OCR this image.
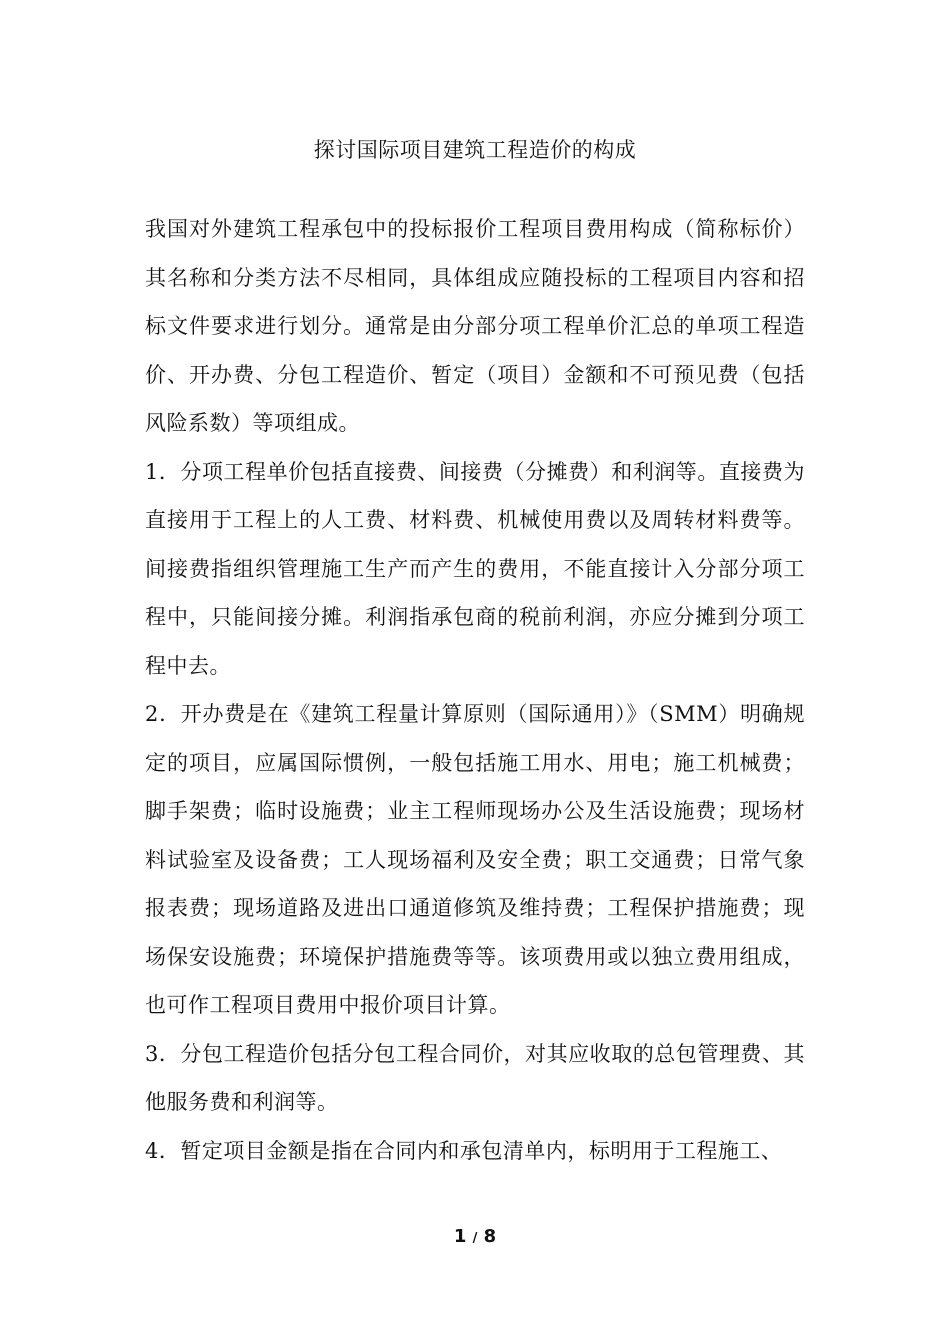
探讨国际项目建筑工程造价的构成

我国对外建筑工程承包中的投标报价工程项目费用构成（简称标价）其名称和分类方法不尽相同，具体组成应随投标的工程项目内容和招标文件要求进行划分。通常是由分部分项工程单价汇总的单项工程造价、开办费、分包工程造价、暂定（项目）金额和不可预见费（包括风险系数）等项组成。

1．分项工程单价包括直接费、间接费（分摊费）和利润等。直接费为直接用于工程上的人工费、材料费、机械使用费以及周转材料费等。间接费指组织管理施工生产而产生的费用，不能直接计入分部分项工程中，只能间接分摊。利润指承包商的税前利润，亦应分摊到分项工程中去。

2．开办费是在《建筑工程量计算原则（国际通用）》（SMM）明确规定的项目，应属国际惯例，一般包括施工用水、用电；施工机械费；脚手架费；临时设施费；业主工程师现场办公及生活设施费；现场材料试验室及设备费；工人现场福利及安全费；职工交通费；日常气象报表费；现场道路及进出口通道修筑及维持费；工程保护措施费；现场保安设施费；环境保护措施费等等。该项费用或以独立费用组成，也可作工程项目费用中报价项目计算。

3．分包工程造价包括分包工程合同价，对其应收取的总包管理费、其他服务费和利润等。

4．暂定项目金额是指在合同内和承包清单内，标明用于工程施工、

1 / 8
